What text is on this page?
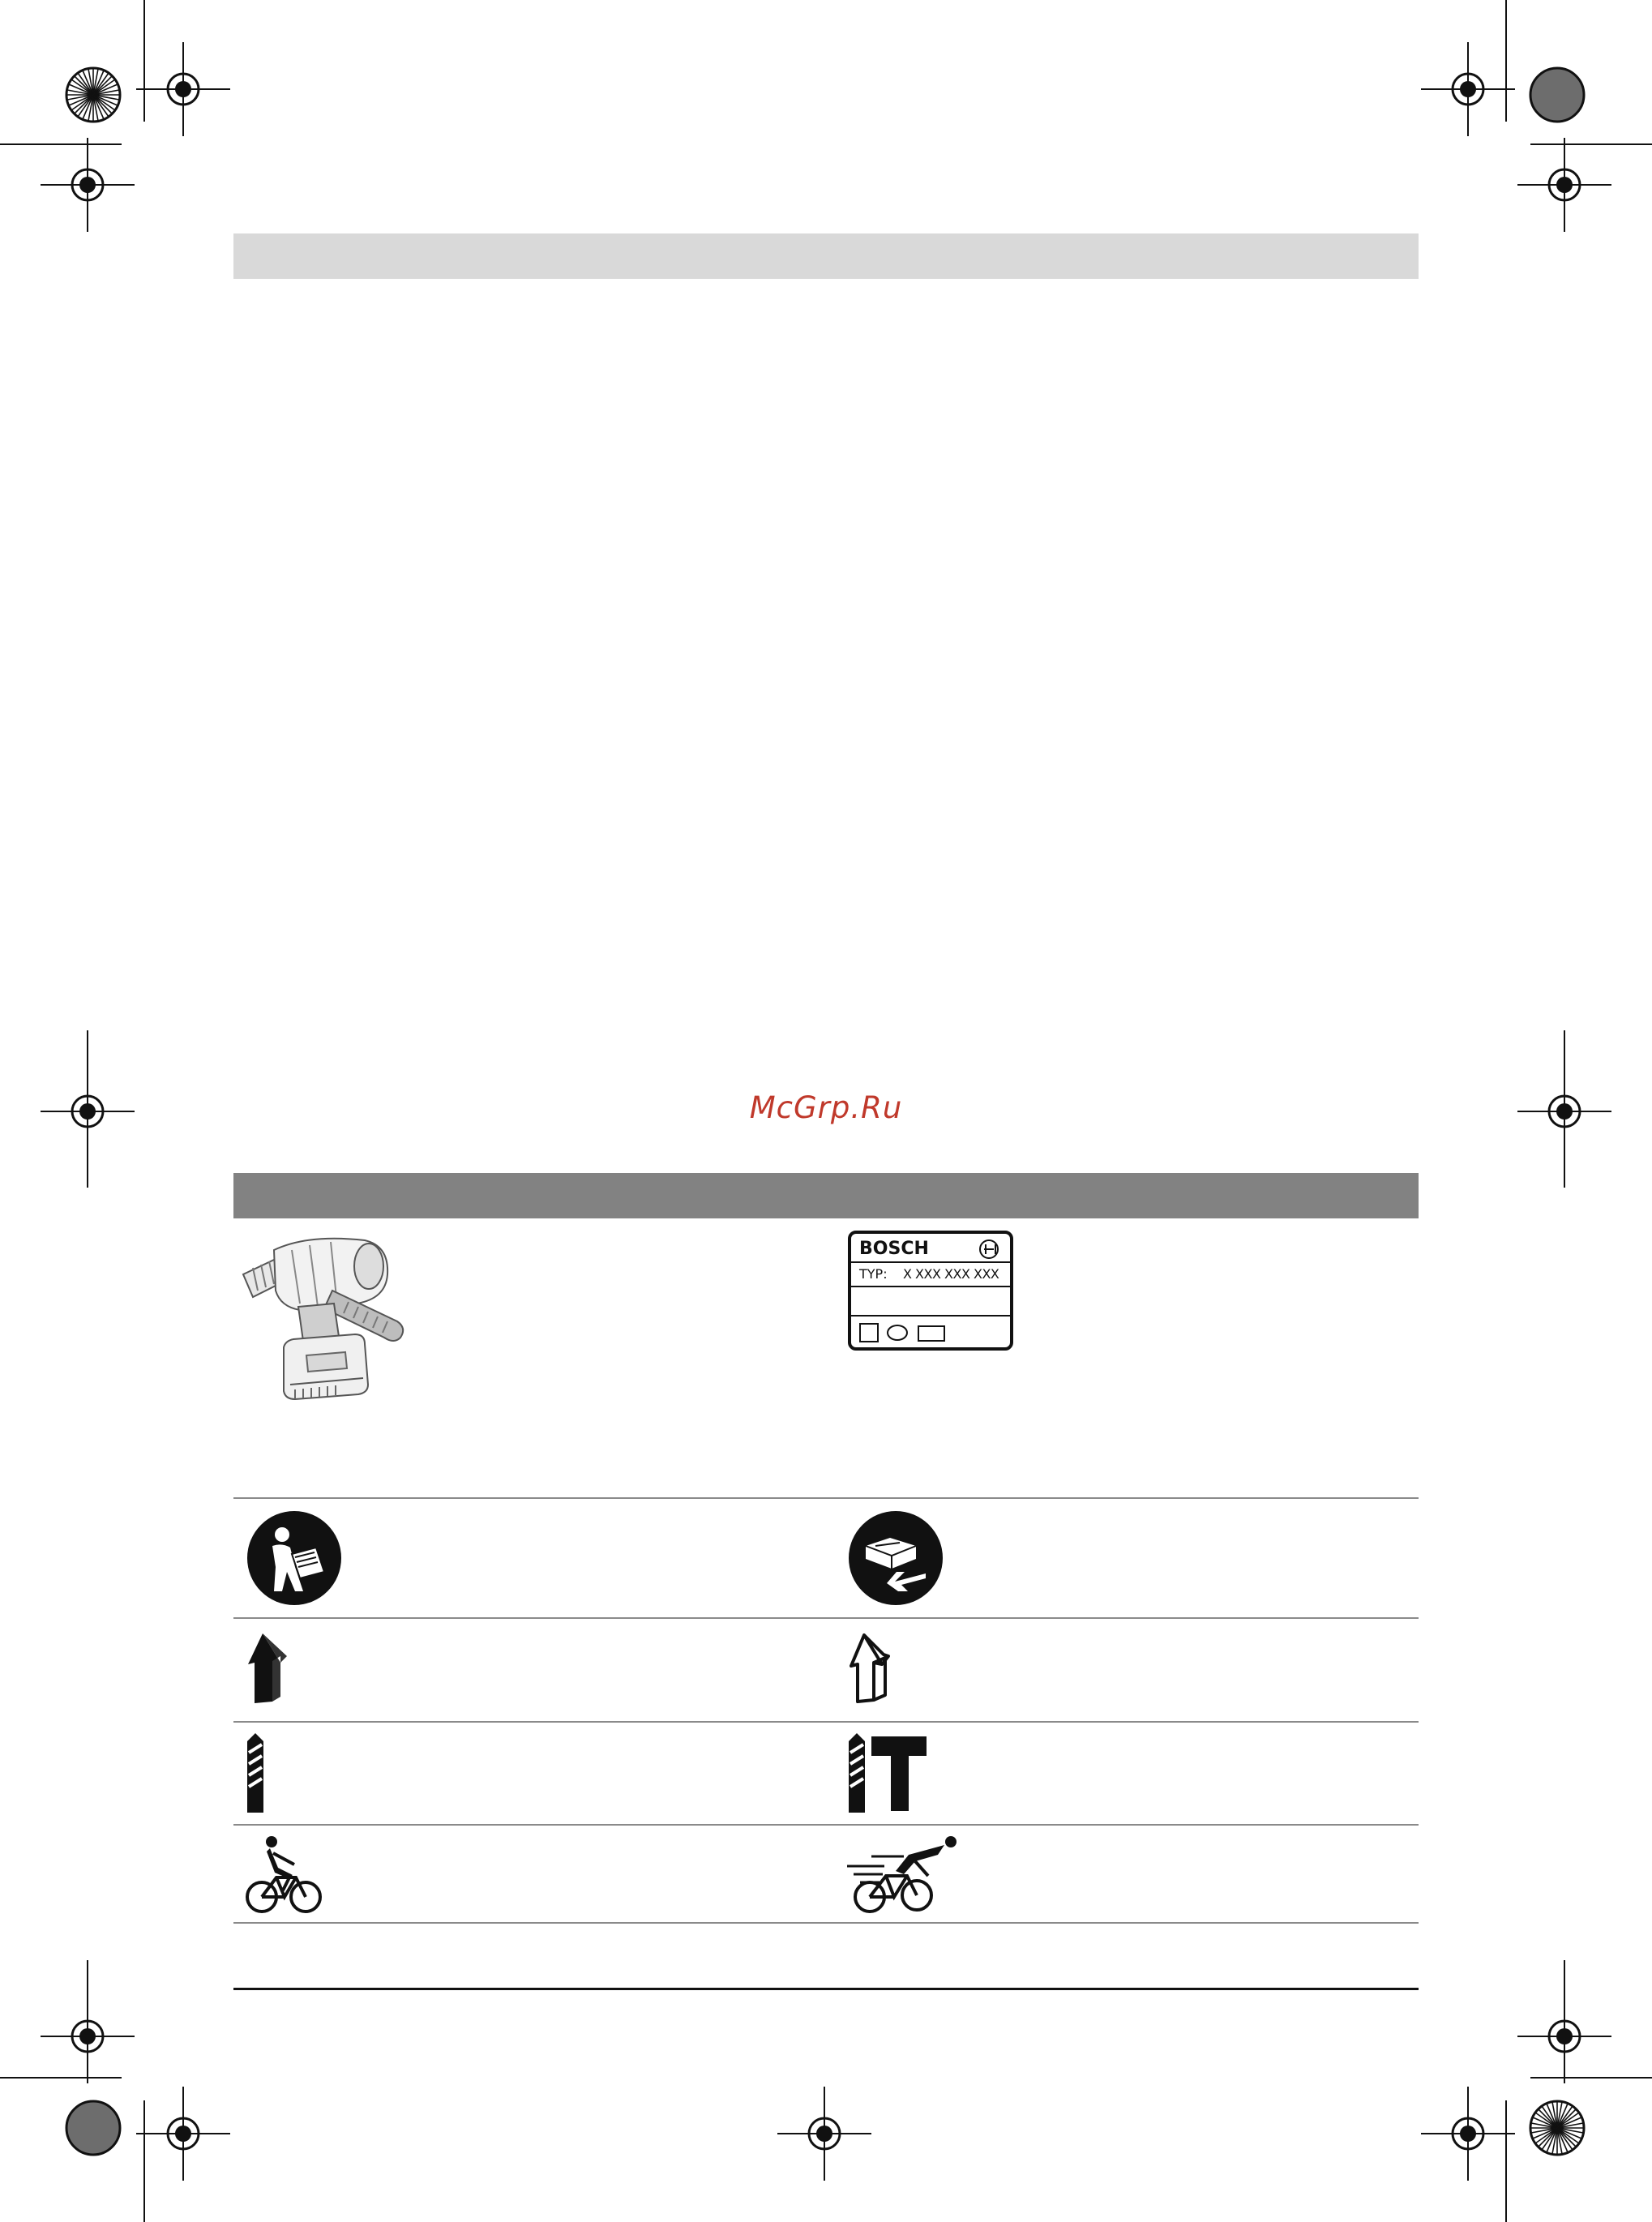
McGrp.Ru
BOSCH
TYP: X XXX XXX XXX
